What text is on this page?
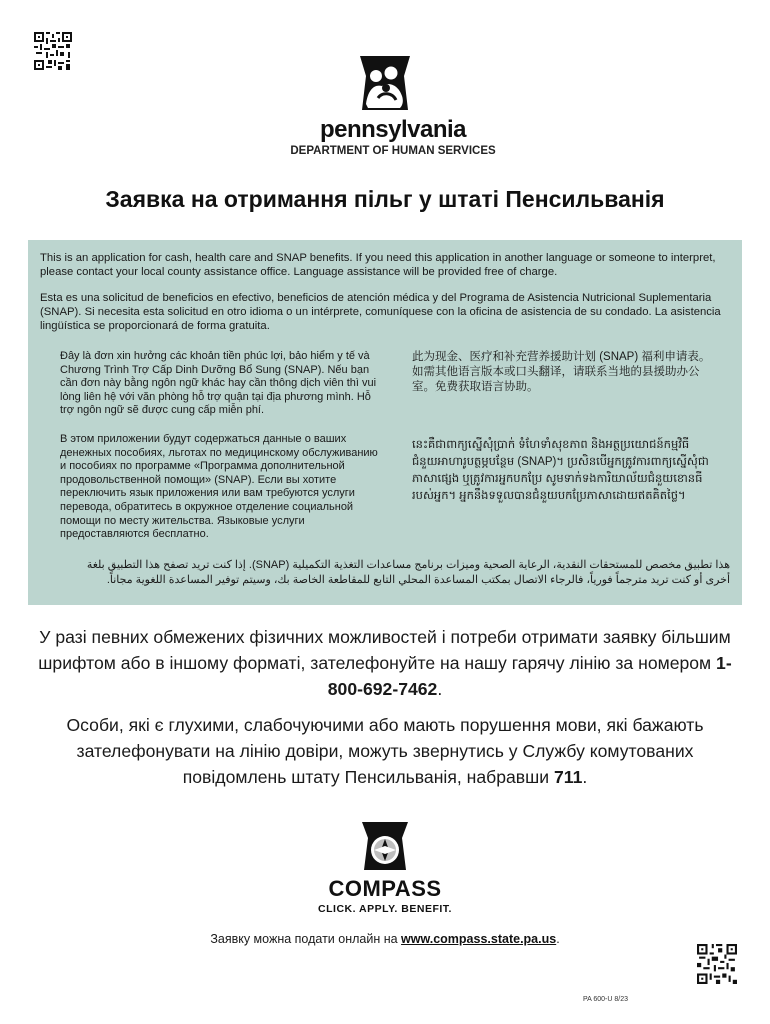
pennsylvania
DEPARTMENT OF HUMAN SERVICES
Заявка на отримання пільг у штаті Пенсильванія

This is an application for cash, health care and SNAP benefits. If you need this application in another language or someone to interpret, please contact your local county assistance office. Language assistance will be provided free of charge.

Esta es una solicitud de beneficios en efectivo, beneficios de atención médica y del Programa de Asistencia Nutricional Suplementaria (SNAP). Si necesita esta solicitud en otro idioma o un intérprete, comuníquese con la oficina de asistencia de su condado. La asistencia lingüística se proporcionará de forma gratuita.

Đây là đơn xin hưởng các khoản tiền phúc lợi, bảo hiểm y tế và Chương Trình Trợ Cấp Dinh Dưỡng Bổ Sung (SNAP). Nếu bạn cần đơn này bằng ngôn ngữ khác hay cần thông dịch viên thì vui lòng liên hệ với văn phòng hỗ trợ quận tại địa phương mình. Hỗ trợ ngôn ngữ sẽ được cung cấp miễn phí.

此为现金、医疗和补充营养援助计划 (SNAP) 福利申请表。如需其他语言版本或口头翻译，请联系当地的县援助办公室。免费获取语言协助。

В этом приложении будут содержаться данные о ваших денежных пособиях, льготах по медицинскому обслуживанию и пособиях по программе «Программа дополнительной продовольственной помощи» (SNAP). Если вы хотите переключить язык приложения или вам требуются услуги перевода, обратитесь в окружное отделение социальной помощи по месту жительства. Языковые услуги предоставляются бесплатно.

នេះគឺជាពាក្យស្នើសុំប្រាក់ ទំហែទាំសុខភាព និងអត្ថប្រយោជន៍កម្មវិធីជំនួយអាហារូបត្ថម្ភបន្ថែម (SNAP)។ ប្រសិនបើអ្នកត្រូវការពាក្យស្នើសុំជាភាសាផ្សេង ឬត្រូវការអ្នកបកប្រែ សូមទាក់ទងការិយាល័យជំនួយខោនធីរបស់អ្នក។ អ្នកនឹងទទួលបានជំនួយបកប្រែភាសាដោយឥតគិតថ្លៃ។

هذا تطبيق مخصص للمستحقات النقدية، الرعاية الصحية وميزات برنامج مساعدات التغذية التكميلية (SNAP). إذا كنت تريد تصفح هذا التطبيق بلغة أخرى أو كنت تريد مترجماً فورياً، فالرجاء الاتصال بمكتب المساعدة المحلي التابع للمقاطعة الخاصة بك، وسيتم توفير المساعدة اللغوية مجاناً.

У разі певних обмежених фізичних можливостей і потреби отримати заявку більшим шрифтом або в іншому форматі, зателефонуйте на нашу гарячу лінію за номером 1-800-692-7462.
Особи, які є глухими, слабочуючими або мають порушення мови, які бажають зателефонувати на лінію довіри, можуть звернутись у Службу комутованих повідомлень штату Пенсильванія, набравши 711.
COMPASS
CLICK. APPLY. BENEFIT.
Заявку можна подати онлайн на www.compass.state.pa.us.
PA 600-U 8/23
